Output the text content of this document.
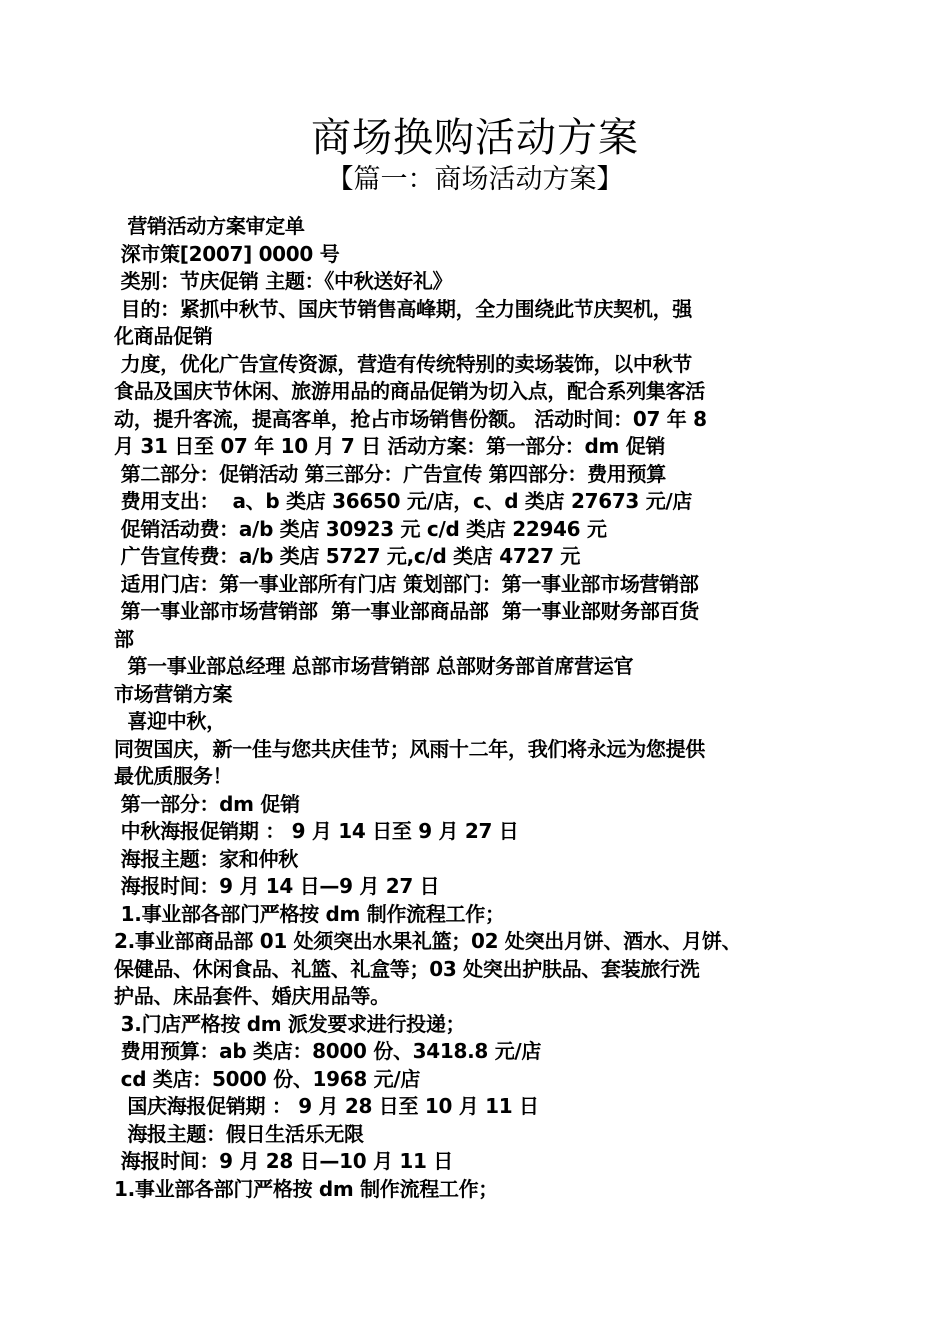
商场换购活动方案
【篇一：商场活动方案】
营销活动方案审定单
深市策[2007] 0000 号
类别：节庆促销 主题：《中秋送好礼》
目的：紧抓中秋节、国庆节销售高峰期，全力围绕此节庆契机，强
化商品促销
力度，优化广告宣传资源，营造有传统特别的卖场装饰，以中秋节
食品及国庆节休闲、旅游用品的商品促销为切入点，配合系列集客活
动，提升客流，提高客单，抢占市场销售份额。 活动时间：07 年 8
月 31 日至 07 年 10 月 7 日 活动方案：第一部分：dm 促销
第二部分：促销活动 第三部分：广告宣传 第四部分：费用预算
费用支出：  a、b 类店 36650 元/店，c、d 类店 27673 元/店
促销活动费：a/b 类店 30923 元 c/d 类店 22946 元
广告宣传费：a/b 类店 5727 元,c/d 类店 4727 元
适用门店：第一事业部所有门店 策划部门：第一事业部市场营销部
第一事业部市场营销部  第一事业部商品部  第一事业部财务部百货
部
第一事业部总经理 总部市场营销部 总部财务部首席营运官
市场营销方案
喜迎中秋，
同贺国庆，新一佳与您共庆佳节；风雨十二年，我们将永远为您提供
最优质服务！
第一部分：dm 促销
中秋海报促销期 ： 9 月 14 日至 9 月 27 日
海报主题：家和仲秋
海报时间：9 月 14 日—9 月 27 日
1.事业部各部门严格按 dm 制作流程工作；
2.事业部商品部 01 处须突出水果礼篮；02 处突出月饼、酒水、月饼、
保健品、休闲食品、礼篮、礼盒等；03 处突出护肤品、套装旅行洗
护品、床品套件、婚庆用品等。
3.门店严格按 dm 派发要求进行投递；
费用预算：ab 类店：8000 份、3418.8 元/店
cd 类店：5000 份、1968 元/店
国庆海报促销期 ： 9 月 28 日至 10 月 11 日
海报主题：假日生活乐无限
海报时间：9 月 28 日—10 月 11 日
1.事业部各部门严格按 dm 制作流程工作；
